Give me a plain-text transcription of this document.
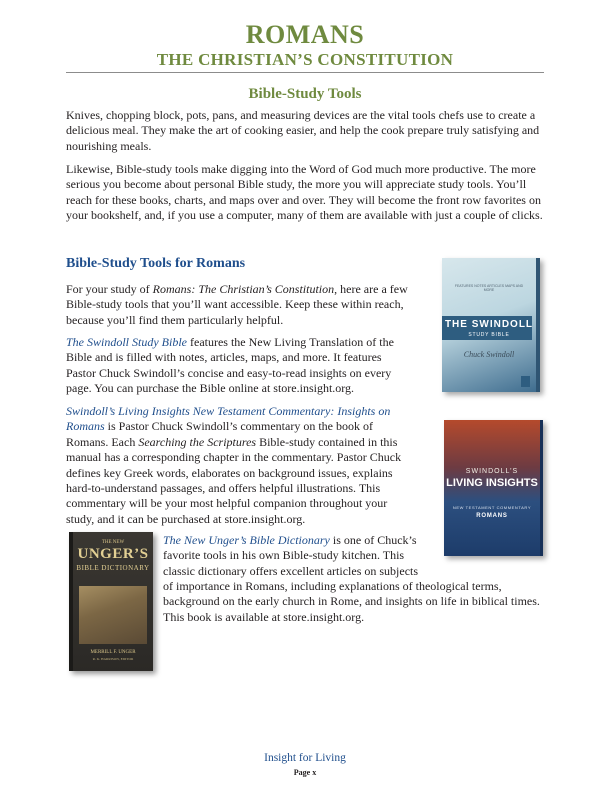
ROMANS
THE CHRISTIAN’S CONSTITUTION
Bible-Study Tools

Knives, chopping block, pots, pans, and measuring devices are the vital tools chefs use to create a delicious meal. They make the art of cooking easier, and help the cook prepare truly satisfying and nourishing meals.

Likewise, Bible-study tools make digging into the Word of God much more productive. The more serious you become about personal Bible study, the more you will appreciate study tools. You’ll reach for these books, charts, and maps over and over. They will become the front row favorites on your bookshelf, and, if you use a computer, many of them are available with just a couple of clicks.

Bible-Study Tools for Romans

For your study of Romans: The Christian’s Constitution, here are a few Bible-study tools that you’ll want accessible. Keep these within reach, because you’ll find them particularly helpful.

The Swindoll Study Bible features the New Living Translation of the Bible and is filled with notes, articles, maps, and more. It features Pastor Chuck Swindoll’s concise and easy-to-read insights on every page. You can purchase the Bible online at store.insight.org.

Swindoll’s Living Insights New Testament Commentary: Insights on Romans is Pastor Chuck Swindoll’s commentary on the book of Romans. Each Searching the Scriptures Bible-study contained in this manual has a corresponding chapter in the commentary. Pastor Chuck defines key Greek words, elaborates on background issues, explains hard-to-understand passages, and offers helpful illustrations. This commentary will be your most helpful companion throughout your study, and it can be purchased at store.insight.org.

The New Unger’s Bible Dictionary is one of Chuck’s favorite tools in his own Bible-study kitchen. This classic dictionary offers excellent articles on subjects

of importance in Romans, including explanations of theological terms, background on the early church in Rome, and insights on life in biblical times. This book is available at store.insight.org.

FEATURES NOTES ARTICLES MAPS AND MORE
THE SWINDOLL
STUDY BIBLE
Chuck Swindoll
SWINDOLL’S
LIVING INSIGHTS
NEW TESTAMENT COMMENTARY
ROMANS
THE NEW
UNGER’S
BIBLE DICTIONARY
MERRILL F. UNGER
R. K. HARRISON, EDITOR
Insight for Living
Page x
